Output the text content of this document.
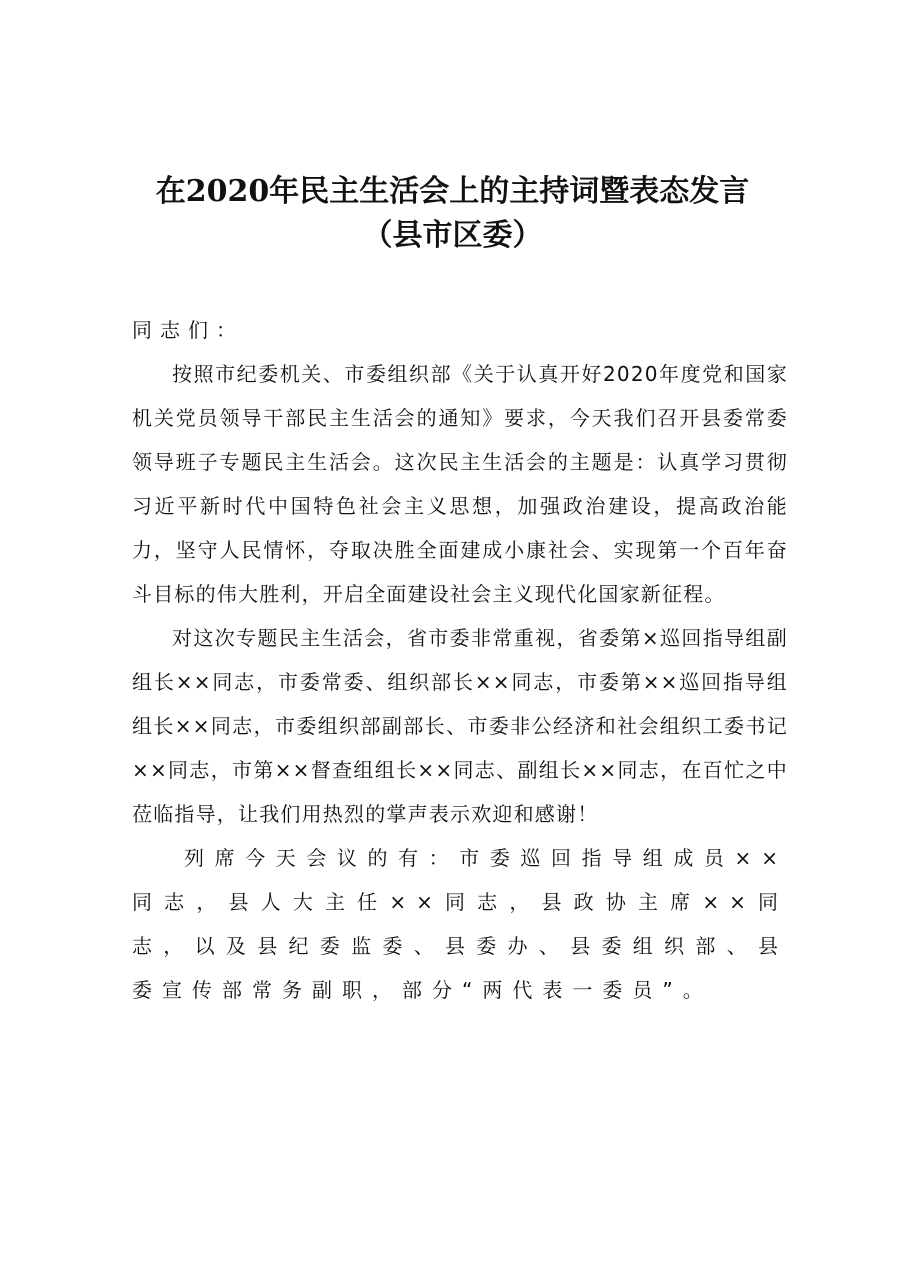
在2020年民主生活会上的主持词暨表态发言
（县市区委）

同志们：

按照市纪委机关、市委组织部《关于认真开好2020年度党和国家机关党员领导干部民主生活会的通知》要求，今天我们召开县委常委领导班子专题民主生活会。这次民主生活会的主题是：认真学习贯彻习近平新时代中国特色社会主义思想，加强政治建设，提高政治能力，坚守人民情怀，夺取决胜全面建成小康社会、实现第一个百年奋斗目标的伟大胜利，开启全面建设社会主义现代化国家新征程。

对这次专题民主生活会，省市委非常重视，省委第×巡回指导组副组长××同志，市委常委、组织部长××同志，市委第××巡回指导组组长××同志，市委组织部副部长、市委非公经济和社会组织工委书记××同志，市第××督查组组长××同志、副组长××同志，在百忙之中莅临指导，让我们用热烈的掌声表示欢迎和感谢！

列席今天会议的有：市委巡回指导组成员××同志，县人大主任××同志，县政协主席××同志，以及县纪委监委、县委办、县委组织部、县委宣传部常务副职，部分“两代表一委员”。
